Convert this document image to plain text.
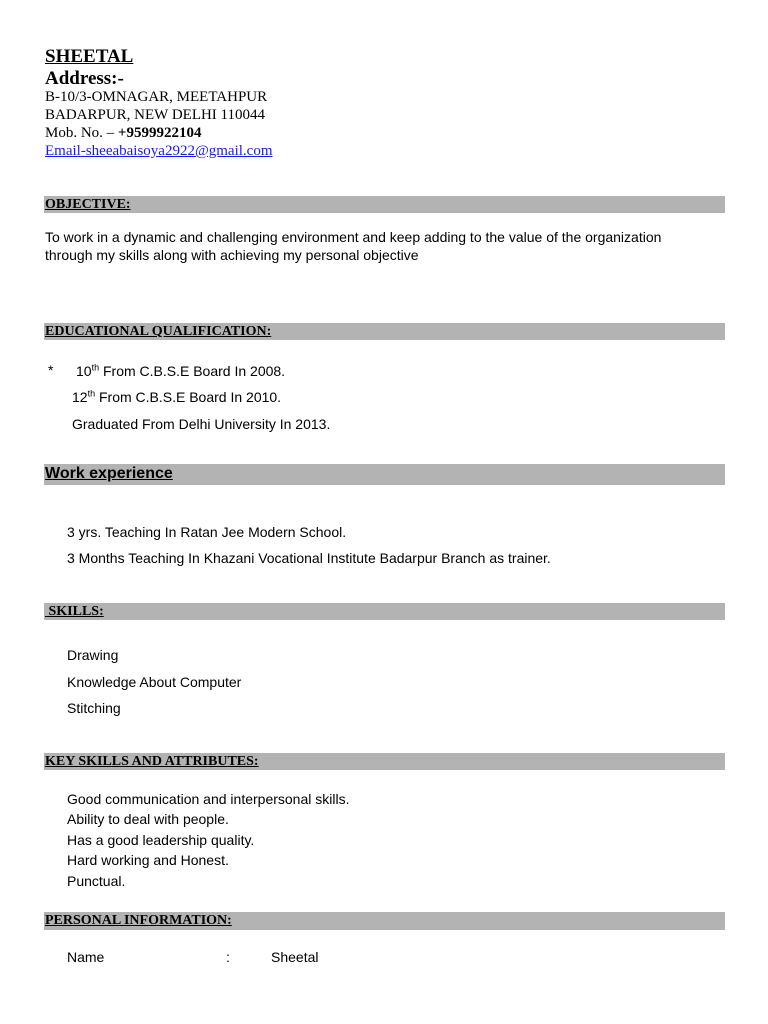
SHEETAL
Address:-
B-10/3-OMNAGAR, MEETAHPUR
BADARPUR, NEW DELHI 110044
Mob. No. – +9599922104
Email-sheeabaisoya2922@gmail.com
OBJECTIVE:
To work in a dynamic and challenging environment and keep adding to the value of the organization
through my skills along with achieving my personal objective
EDUCATIONAL QUALIFICATION:
* 10th From C.B.S.E Board In 2008.
12th From C.B.S.E Board In 2010.
Graduated From Delhi University In 2013.
Work experience
3 yrs. Teaching In Ratan Jee Modern School.
3 Months Teaching In Khazani Vocational Institute Badarpur Branch as trainer.
SKILLS:
Drawing
Knowledge About Computer
Stitching
KEY SKILLS AND ATTRIBUTES:
Good communication and interpersonal skills.
Ability to deal with people.
Has a good leadership quality.
Hard working and Honest.
Punctual.
PERSONAL INFORMATION:
Name	:	Sheetal
